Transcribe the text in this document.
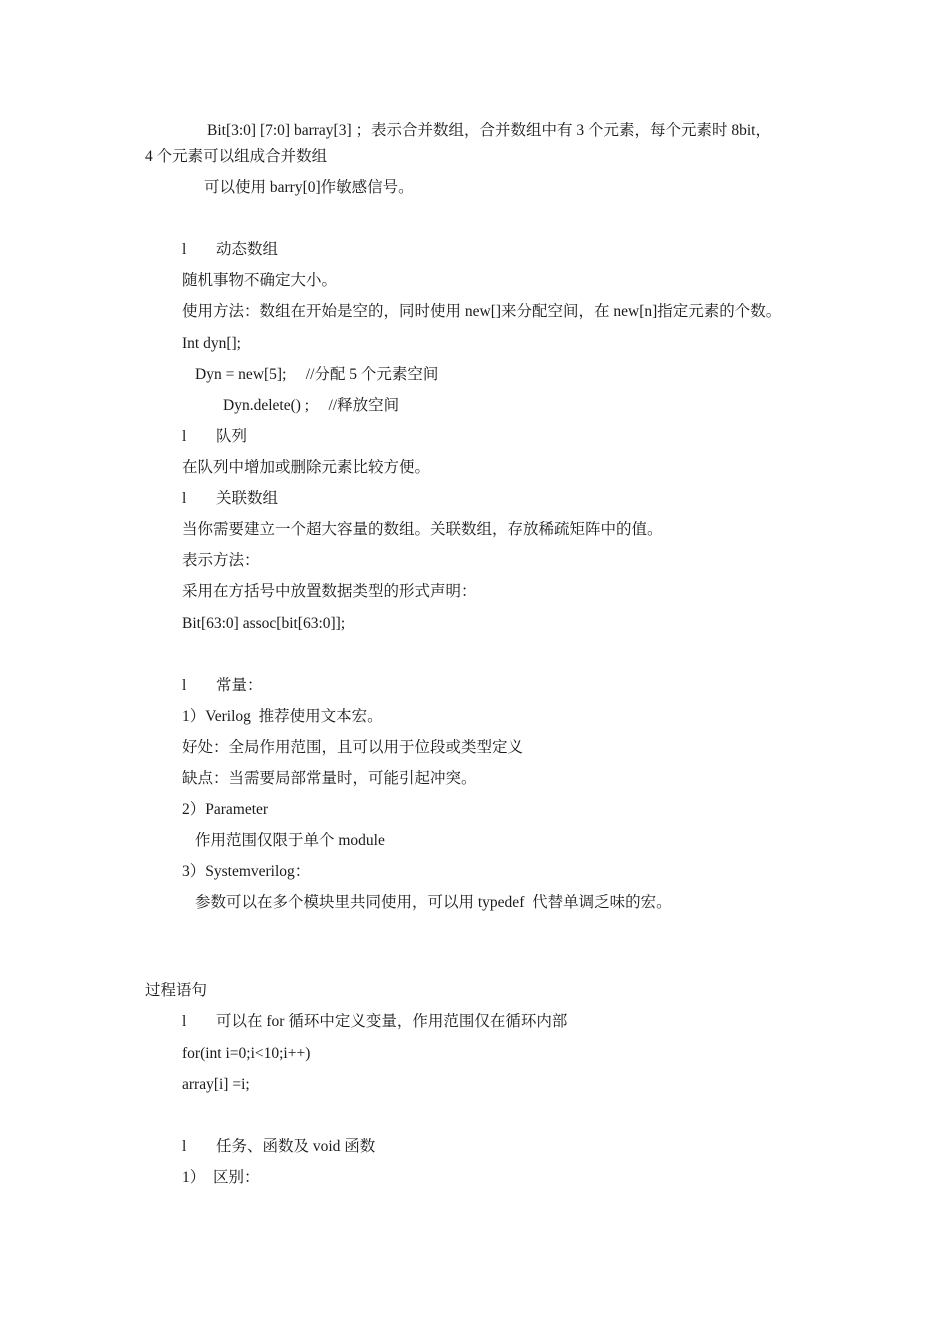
Bit[3:0] [7:0] barray[3] ；表示合并数组，合并数组中有 3 个元素，每个元素时 8bit，
4 个元素可以组成合并数组
可以使用 barry[0]作敏感信号。
l 动态数组
随机事物不确定大小。
使用方法：数组在开始是空的，同时使用 new[]来分配空间，在 new[n]指定元素的个数。
Int dyn[];
Dyn = new[5];     //分配 5 个元素空间
Dyn.delete() ;     //释放空间
l 队列
在队列中增加或删除元素比较方便。
l 关联数组
当你需要建立一个超大容量的数组。关联数组，存放稀疏矩阵中的值。
表示方法：
采用在方括号中放置数据类型的形式声明：
Bit[63:0] assoc[bit[63:0]];
l 常量：
1）Verilog  推荐使用文本宏。
好处：全局作用范围，且可以用于位段或类型定义
缺点：当需要局部常量时，可能引起冲突。
2）Parameter
作用范围仅限于单个 module
3）Systemverilog：
参数可以在多个模块里共同使用，可以用 typedef  代替单调乏味的宏。
过程语句
l 可以在 for 循环中定义变量，作用范围仅在循环内部
for(int i=0;i<10;i++)
array[i] =i;
l 任务、函数及 void 函数
1）  区别：
